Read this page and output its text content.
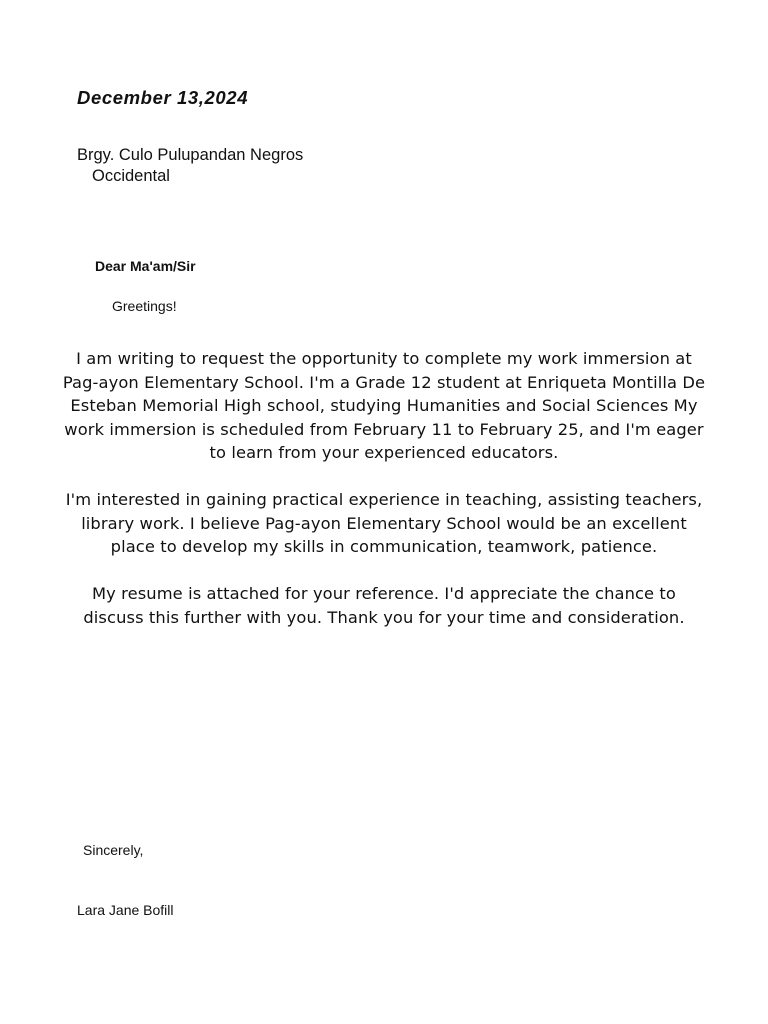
December 13,2024

Brgy. Culo Pulupandan Negros

Occidental

Dear Ma'am/Sir

Greetings!

I am writing to request the opportunity to complete my work immersion at
Pag-ayon Elementary School. I'm a Grade 12 student at Enriqueta Montilla De
Esteban Memorial High school, studying Humanities and Social Sciences My
work immersion is scheduled from February 11 to February 25, and I'm eager
to learn from your experienced educators.

I'm interested in gaining practical experience in teaching, assisting teachers,
library work. I believe Pag-ayon Elementary School would be an excellent
place to develop my skills in communication, teamwork, patience.

My resume is attached for your reference. I'd appreciate the chance to
discuss this further with you. Thank you for your time and consideration.

Sincerely,

Lara Jane Bofill
